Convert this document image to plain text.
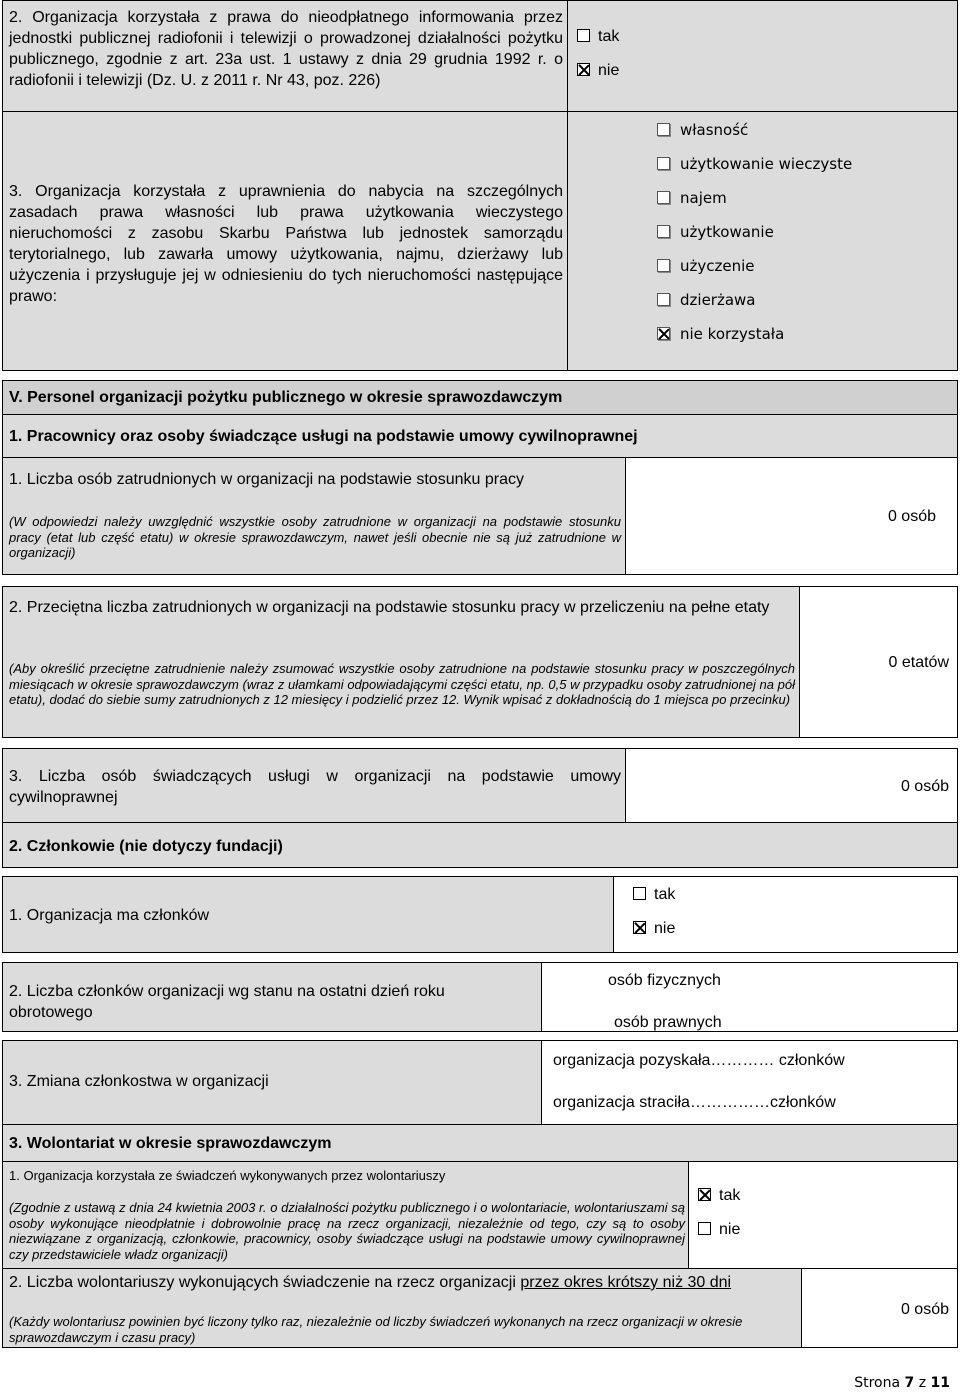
2. Organizacja korzystała z prawa do nieodpłatnego informowania przez jednostki publicznej radiofonii i telewizji o prowadzonej działalności pożytku publicznego, zgodnie z art. 23a ust. 1 ustawy z dnia 29 grudnia 1992 r. o radiofonii i telewizji (Dz. U. z 2011 r. Nr 43, poz. 226)
tak
nie
3. Organizacja korzystała z uprawnienia do nabycia na szczególnych zasadach prawa własności lub prawa użytkowania wieczystego nieruchomości z zasobu Skarbu Państwa lub jednostek samorządu terytorialnego, lub zawarła umowy użytkowania, najmu, dzierżawy lub użyczenia i przysługuje jej w odniesieniu do tych nieruchomości następujące prawo:
własność
użytkowanie wieczyste
najem
użytkowanie
użyczenie
dzierżawa
nie korzystała
V. Personel organizacji pożytku publicznego w okresie sprawozdawczym
1. Pracownicy oraz osoby świadczące usługi na podstawie umowy cywilnoprawnej
1. Liczba osób zatrudnionych w organizacji na podstawie stosunku pracy
(W odpowiedzi należy uwzględnić wszystkie osoby zatrudnione w organizacji na podstawie stosunku pracy (etat lub część etatu) w okresie sprawozdawczym, nawet jeśli obecnie nie są już zatrudnione w organizacji)
0 osób
2. Przeciętna liczba zatrudnionych w organizacji na podstawie stosunku pracy w przeliczeniu na pełne etaty
(Aby określić przeciętne zatrudnienie należy zsumować wszystkie osoby zatrudnione na podstawie stosunku pracy w poszczególnych miesiącach w okresie sprawozdawczym (wraz z ułamkami odpowiadającymi części etatu, np. 0,5 w przypadku osoby zatrudnionej na pół etatu), dodać do siebie sumy zatrudnionych z 12 miesięcy i podzielić przez 12. Wynik wpisać z dokładnością do 1 miejsca po przecinku)
0 etatów
3. Liczba osób świadczących usługi w organizacji na podstawie umowy cywilnoprawnej
0 osób
2. Członkowie (nie dotyczy fundacji)
1. Organizacja ma członków
tak
nie
2. Liczba członków organizacji wg stanu na ostatni dzień roku obrotowego
osób fizycznych
osób prawnych
3. Zmiana członkostwa w organizacji
organizacja pozyskała………… członków
organizacja straciła……………członków
3. Wolontariat w okresie sprawozdawczym
1. Organizacja korzystała ze świadczeń wykonywanych przez wolontariuszy
(Zgodnie z ustawą z dnia 24 kwietnia 2003 r. o działalności pożytku publicznego i o wolontariacie, wolontariuszami są osoby wykonujące nieodpłatnie i dobrowolnie pracę na rzecz organizacji, niezależnie od tego, czy są to osoby niezwiązane z organizacją, członkowie, pracownicy, osoby świadczące usługi na podstawie umowy cywilnoprawnej czy przedstawiciele władz organizacji)
tak
nie
2. Liczba wolontariuszy wykonujących świadczenie na rzecz organizacji przez okres krótszy niż 30 dni
(Każdy wolontariusz powinien być liczony tylko raz, niezależnie od liczby świadczeń wykonanych na rzecz organizacji w okresie sprawozdawczym i czasu pracy)
0 osób
Strona 7 z 11
